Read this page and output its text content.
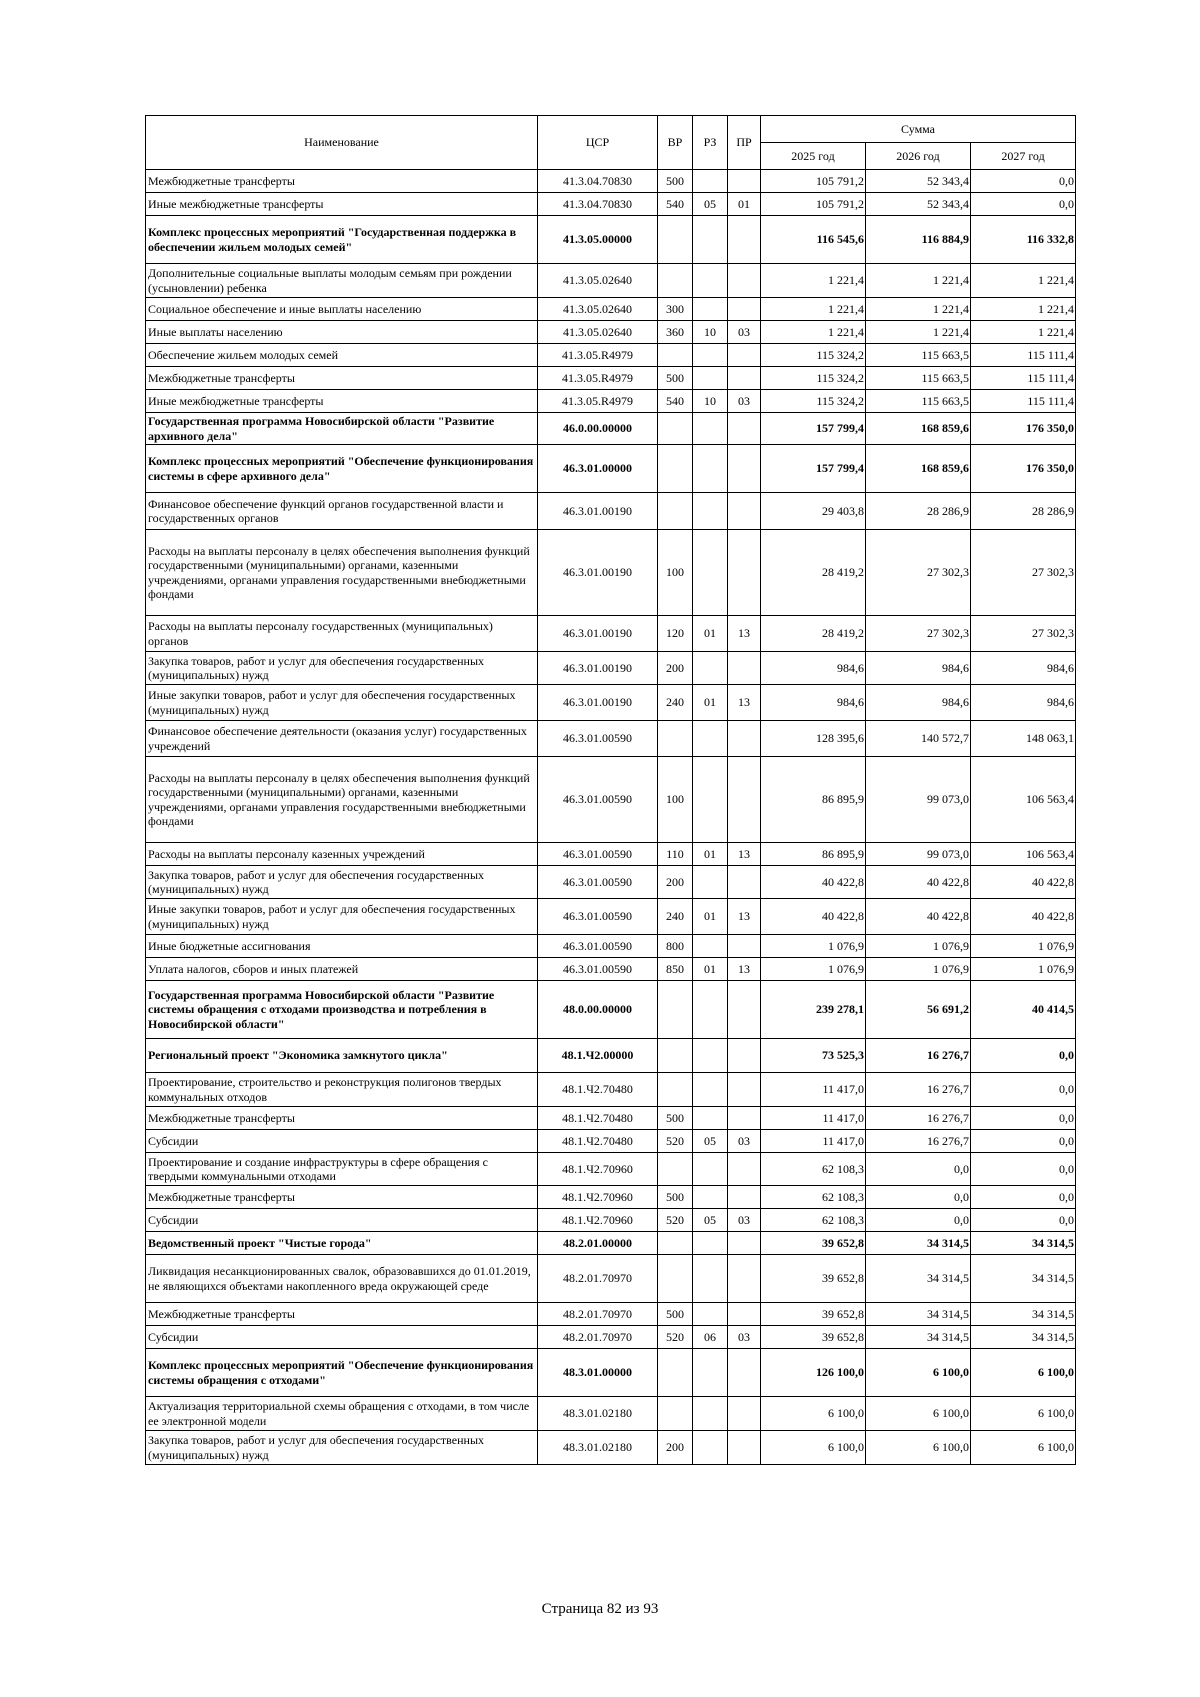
Наименование	ЦСР	ВР	РЗ	ПР	Сумма		
					2025 год	2026 год	2027 год
Межбюджетные трансферты	41.3.04.70830	500			105 791,2	52 343,4	0,0
Иные межбюджетные трансферты	41.3.04.70830	540	05	01	105 791,2	52 343,4	0,0
Комплекс процессных мероприятий "Государственная поддержка в обеспечении жильем молодых семей"	41.3.05.00000				116 545,6	116 884,9	116 332,8
Дополнительные социальные выплаты молодым семьям при рождении (усыновлении) ребенка	41.3.05.02640				1 221,4	1 221,4	1 221,4
Социальное обеспечение и иные выплаты населению	41.3.05.02640	300			1 221,4	1 221,4	1 221,4
Иные выплаты населению	41.3.05.02640	360	10	03	1 221,4	1 221,4	1 221,4
Обеспечение жильем молодых семей	41.3.05.R4979				115 324,2	115 663,5	115 111,4
Межбюджетные трансферты	41.3.05.R4979	500			115 324,2	115 663,5	115 111,4
Иные межбюджетные трансферты	41.3.05.R4979	540	10	03	115 324,2	115 663,5	115 111,4
Государственная программа Новосибирской области "Развитие архивного дела"	46.0.00.00000				157 799,4	168 859,6	176 350,0
Комплекс процессных мероприятий "Обеспечение функционирования системы в сфере архивного дела"	46.3.01.00000				157 799,4	168 859,6	176 350,0
Финансовое обеспечение функций органов государственной власти и государственных органов	46.3.01.00190				29 403,8	28 286,9	28 286,9
Расходы на выплаты персоналу в целях обеспечения выполнения функций государственными (муниципальными) органами, казенными учреждениями, органами управления государственными внебюджетными фондами	46.3.01.00190	100			28 419,2	27 302,3	27 302,3
Расходы на выплаты персоналу государственных (муниципальных) органов	46.3.01.00190	120	01	13	28 419,2	27 302,3	27 302,3
Закупка товаров, работ и услуг для обеспечения государственных (муниципальных) нужд	46.3.01.00190	200			984,6	984,6	984,6
Иные закупки товаров, работ и услуг для обеспечения государственных (муниципальных) нужд	46.3.01.00190	240	01	13	984,6	984,6	984,6
Финансовое обеспечение деятельности (оказания услуг) государственных учреждений	46.3.01.00590				128 395,6	140 572,7	148 063,1
Расходы на выплаты персоналу в целях обеспечения выполнения функций государственными (муниципальными) органами, казенными учреждениями, органами управления государственными внебюджетными фондами	46.3.01.00590	100			86 895,9	99 073,0	106 563,4
Расходы на выплаты персоналу казенных учреждений	46.3.01.00590	110	01	13	86 895,9	99 073,0	106 563,4
Закупка товаров, работ и услуг для обеспечения государственных (муниципальных) нужд	46.3.01.00590	200			40 422,8	40 422,8	40 422,8
Иные закупки товаров, работ и услуг для обеспечения государственных (муниципальных) нужд	46.3.01.00590	240	01	13	40 422,8	40 422,8	40 422,8
Иные бюджетные ассигнования	46.3.01.00590	800			1 076,9	1 076,9	1 076,9
Уплата налогов, сборов и иных платежей	46.3.01.00590	850	01	13	1 076,9	1 076,9	1 076,9
Государственная программа Новосибирской области "Развитие системы обращения с отходами производства и потребления в Новосибирской области"	48.0.00.00000				239 278,1	56 691,2	40 414,5
Региональный проект "Экономика замкнутого цикла"	48.1.Ч2.00000				73 525,3	16 276,7	0,0
Проектирование, строительство и реконструкция полигонов твердых коммунальных отходов	48.1.Ч2.70480				11 417,0	16 276,7	0,0
Межбюджетные трансферты	48.1.Ч2.70480	500			11 417,0	16 276,7	0,0
Субсидии	48.1.Ч2.70480	520	05	03	11 417,0	16 276,7	0,0
Проектирование и создание инфраструктуры в сфере обращения с твердыми коммунальными отходами	48.1.Ч2.70960				62 108,3	0,0	0,0
Межбюджетные трансферты	48.1.Ч2.70960	500			62 108,3	0,0	0,0
Субсидии	48.1.Ч2.70960	520	05	03	62 108,3	0,0	0,0
Ведомственный проект "Чистые города"	48.2.01.00000				39 652,8	34 314,5	34 314,5
Ликвидация несанкционированных свалок, образовавшихся до 01.01.2019, не являющихся объектами накопленного вреда окружающей среде	48.2.01.70970				39 652,8	34 314,5	34 314,5
Межбюджетные трансферты	48.2.01.70970	500			39 652,8	34 314,5	34 314,5
Субсидии	48.2.01.70970	520	06	03	39 652,8	34 314,5	34 314,5
Комплекс процессных мероприятий "Обеспечение функционирования системы обращения с отходами"	48.3.01.00000				126 100,0	6 100,0	6 100,0
Актуализация территориальной схемы обращения с отходами, в том числе ее электронной модели	48.3.01.02180				6 100,0	6 100,0	6 100,0
Закупка товаров, работ и услуг для обеспечения государственных (муниципальных) нужд	48.3.01.02180	200			6 100,0	6 100,0	6 100,0
Страница 82 из 93
